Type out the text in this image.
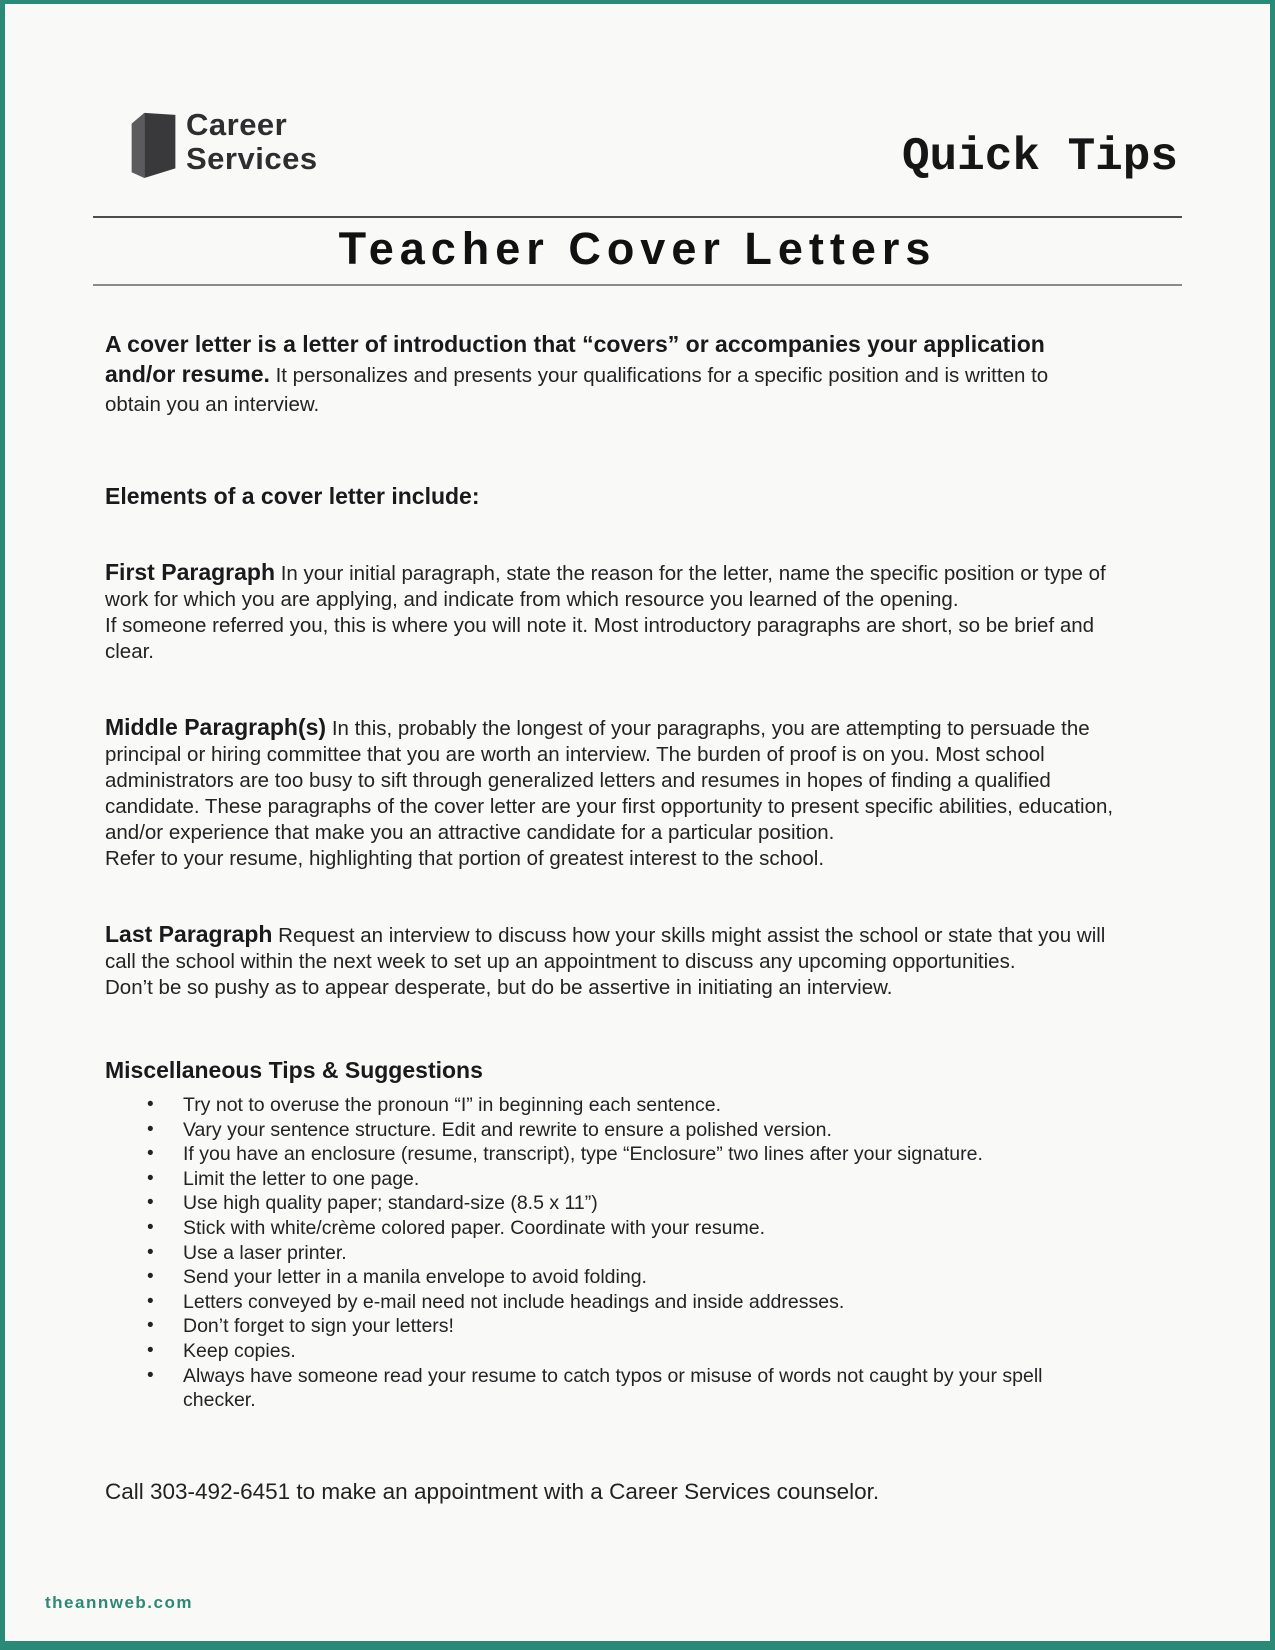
Career
Services	Quick Tips
Teacher Cover Letters

A cover letter is a letter of introduction that “covers” or accompanies your application and/or resume. It personalizes and presents your qualifications for a specific position and is written to obtain you an interview.

Elements of a cover letter include:

First Paragraph In your initial paragraph, state the reason for the letter, name the specific position or type of work for which you are applying, and indicate from which resource you learned of the opening.
If someone referred you, this is where you will note it. Most introductory paragraphs are short, so be brief and clear.

Middle Paragraph(s) In this, probably the longest of your paragraphs, you are attempting to persuade the principal or hiring committee that you are worth an interview. The burden of proof is on you. Most school administrators are too busy to sift through generalized letters and resumes in hopes of finding a qualified candidate. These paragraphs of the cover letter are your first opportunity to present specific abilities, education, and/or experience that make you an attractive candidate for a particular position.
Refer to your resume, highlighting that portion of greatest interest to the school.

Last Paragraph Request an interview to discuss how your skills might assist the school or state that you will call the school within the next week to set up an appointment to discuss any upcoming opportunities.
Don’t be so pushy as to appear desperate, but do be assertive in initiating an interview.

Miscellaneous Tips & Suggestions
• Try not to overuse the pronoun “I” in beginning each sentence.
• Vary your sentence structure. Edit and rewrite to ensure a polished version.
• If you have an enclosure (resume, transcript), type “Enclosure” two lines after your signature.
• Limit the letter to one page.
• Use high quality paper; standard-size (8.5 x 11”)
• Stick with white/crème colored paper. Coordinate with your resume.
• Use a laser printer.
• Send your letter in a manila envelope to avoid folding.
• Letters conveyed by e-mail need not include headings and inside addresses.
• Don’t forget to sign your letters!
• Keep copies.
• Always have someone read your resume to catch typos or misuse of words not caught by your spell checker.

Call 303-492-6451 to make an appointment with a Career Services counselor.

theannweb.com
